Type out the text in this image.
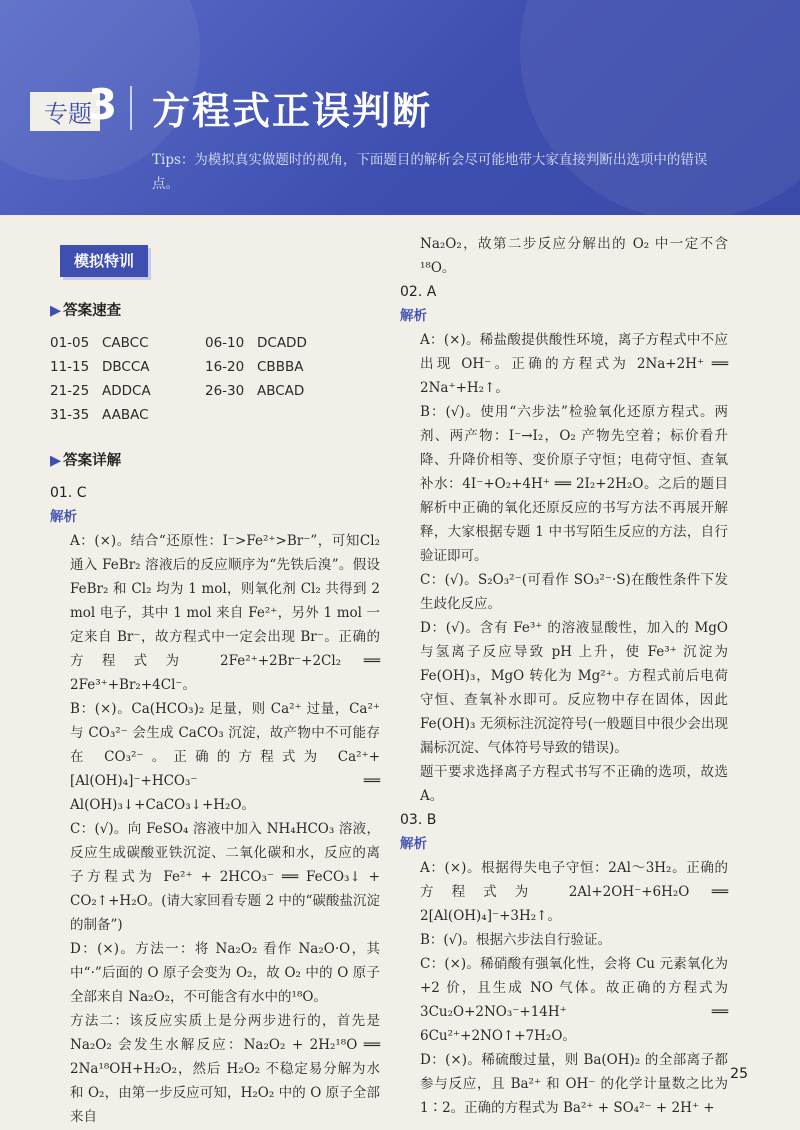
专题
3 方程式正误判断
Tips：为模拟真实做题时的视角，下面题目的解析会尽可能地带大家直接判断出选项中的错误点。
模拟特训
▶ 答案速查
01-05 CABCC	06-10 DCADD
11-15 DBCCA	16-20 CBBBA
21-25 ADDCA	26-30 ABCAD
31-35 AABAC
▶ 答案详解

01. C

解析

A：(×)。结合“还原性：I⁻>Fe²⁺>Br⁻”，可知Cl₂ 通入 FeBr₂ 溶液后的反应顺序为“先铁后溴”。假设 FeBr₂ 和 Cl₂ 均为 1 mol，则氧化剂 Cl₂ 共得到 2 mol 电子，其中 1 mol 来自 Fe²⁺，另外 1 mol 一定来自 Br⁻，故方程式中一定会出现 Br⁻。正确的方程式为 2Fe²⁺+2Br⁻+2Cl₂ ══ 2Fe³⁺+Br₂+4Cl⁻。

B：(×)。Ca(HCO₃)₂ 足量，则 Ca²⁺ 过量，Ca²⁺ 与 CO₃²⁻ 会生成 CaCO₃ 沉淀，故产物中不可能存在 CO₃²⁻。正确的方程式为 Ca²⁺+[Al(OH)₄]⁻+HCO₃⁻ ══ Al(OH)₃↓+CaCO₃↓+H₂O。

C：(√)。向 FeSO₄ 溶液中加入 NH₄HCO₃ 溶液，反应生成碳酸亚铁沉淀、二氧化碳和水，反应的离子方程式为 Fe²⁺ + 2HCO₃⁻ ══ FeCO₃↓ + CO₂↑+H₂O。(请大家回看专题 2 中的“碳酸盐沉淀的制备”)

D：(×)。方法一：将 Na₂O₂ 看作 Na₂O·O，其中“·”后面的 O 原子会变为 O₂，故 O₂ 中的 O 原子全部来自 Na₂O₂，不可能含有水中的¹⁸O。

方法二：该反应实质上是分两步进行的，首先是 Na₂O₂ 会发生水解反应：Na₂O₂ + 2H₂¹⁸O ══ 2Na¹⁸OH+H₂O₂，然后 H₂O₂ 不稳定易分解为水和 O₂，由第一步反应可知，H₂O₂ 中的 O 原子全部来自

Na₂O₂，故第二步反应分解出的 O₂ 中一定不含¹⁸O。

02. A

解析

A：(×)。稀盐酸提供酸性环境，离子方程式中不应出现 OH⁻。正确的方程式为 2Na+2H⁺ ══ 2Na⁺+H₂↑。

B：(√)。使用“六步法”检验氧化还原方程式。两剂、两产物：I⁻→I₂，O₂ 产物先空着；标价看升降、升降价相等、变价原子守恒；电荷守恒、查氧补水：4I⁻+O₂+4H⁺ ══ 2I₂+2H₂O。之后的题目解析中正确的氧化还原反应的书写方法不再展开解释，大家根据专题 1 中书写陌生反应的方法，自行验证即可。

C：(√)。S₂O₃²⁻(可看作 SO₃²⁻·S)在酸性条件下发生歧化反应。

D：(√)。含有 Fe³⁺ 的溶液显酸性，加入的 MgO 与氢离子反应导致 pH 上升，使 Fe³⁺ 沉淀为 Fe(OH)₃，MgO 转化为 Mg²⁺。方程式前后电荷守恒、查氧补水即可。反应物中存在固体，因此 Fe(OH)₃ 无须标注沉淀符号(一般题目中很少会出现漏标沉淀、气体符号导致的错误)。

题干要求选择离子方程式书写不正确的选项，故选 A。

03. B

解析

A：(×)。根据得失电子守恒：2Al～3H₂。正确的方程式为 2Al+2OH⁻+6H₂O ══ 2[Al(OH)₄]⁻+3H₂↑。

B：(√)。根据六步法自行验证。

C：(×)。稀硝酸有强氧化性，会将 Cu 元素氧化为+2 价，且生成 NO 气体。故正确的方程式为 3Cu₂O+2NO₃⁻+14H⁺ ══ 6Cu²⁺+2NO↑+7H₂O。

D：(×)。稀硫酸过量，则 Ba(OH)₂ 的全部离子都参与反应，且 Ba²⁺ 和 OH⁻ 的化学计量数之比为 1∶2。正确的方程式为 Ba²⁺ + SO₄²⁻ + 2H⁺ +

25
